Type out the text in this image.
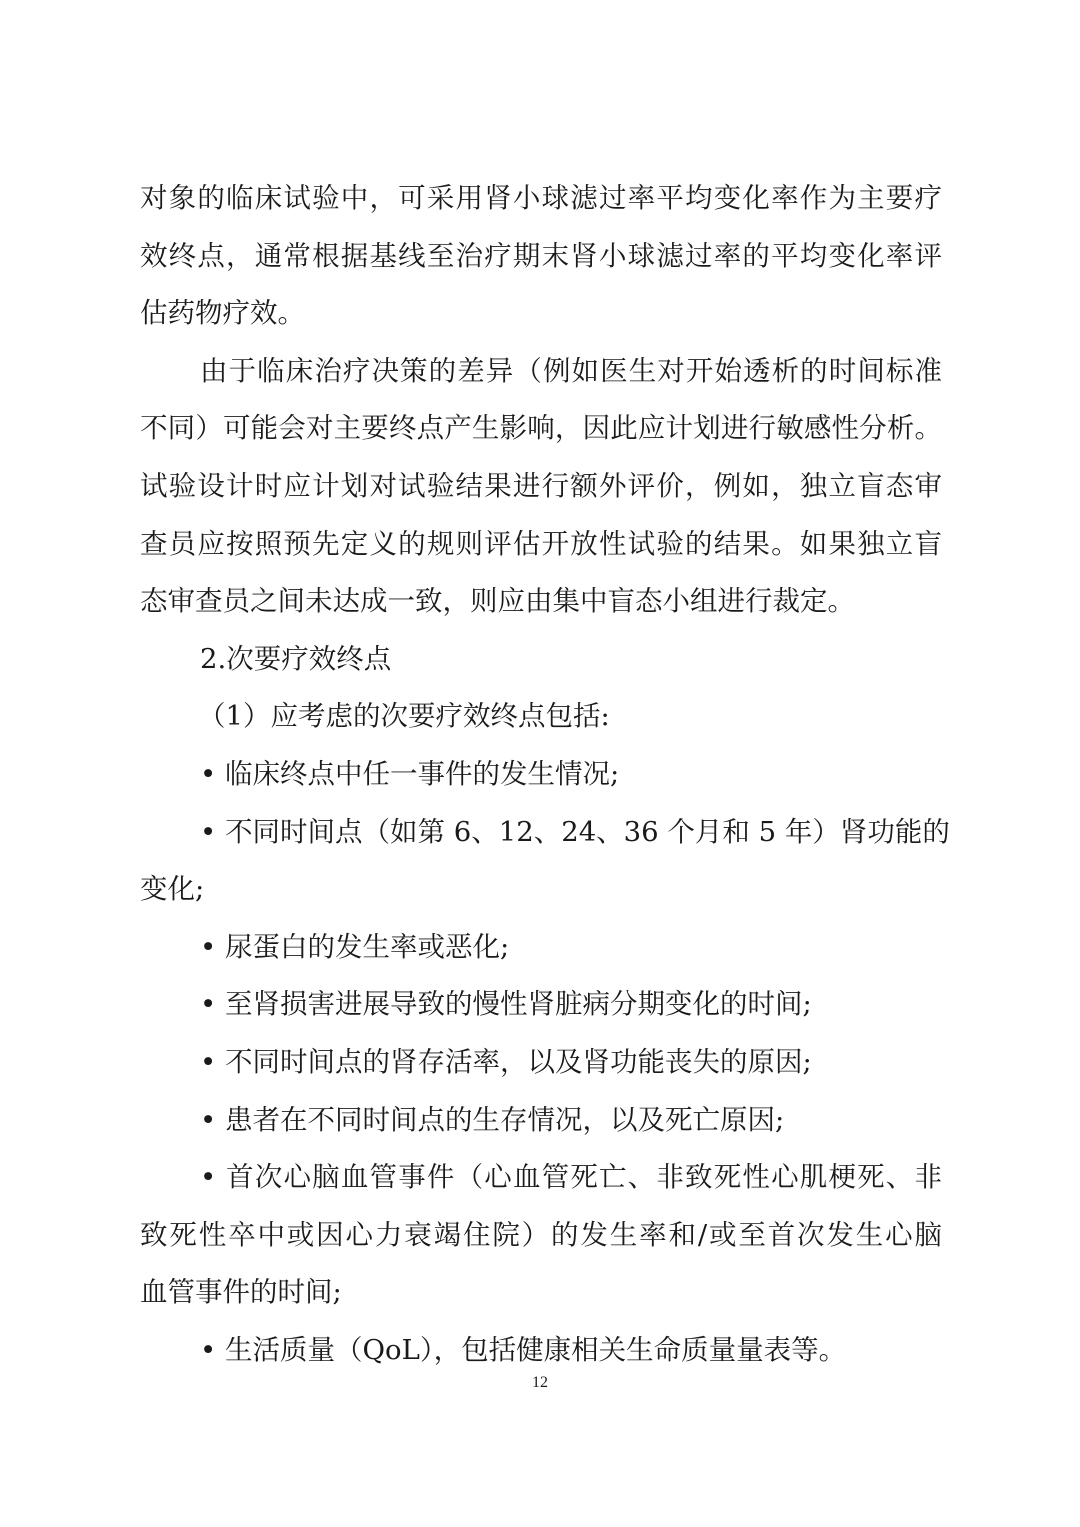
对象的临床试验中，可采用肾小球滤过率平均变化率作为主要疗
效终点，通常根据基线至治疗期末肾小球滤过率的平均变化率评
估药物疗效。
由于临床治疗决策的差异（例如医生对开始透析的时间标准
不同）可能会对主要终点产生影响，因此应计划进行敏感性分析。
试验设计时应计划对试验结果进行额外评价，例如，独立盲态审
查员应按照预先定义的规则评估开放性试验的结果。如果独立盲
态审查员之间未达成一致，则应由集中盲态小组进行裁定。
2.次要疗效终点
（1）应考虑的次要疗效终点包括:
• 临床终点中任一事件的发生情况;
• 不同时间点（如第 6、12、24、36 个月和 5 年）肾功能的
变化;
• 尿蛋白的发生率或恶化;
• 至肾损害进展导致的慢性肾脏病分期变化的时间;
• 不同时间点的肾存活率，以及肾功能丧失的原因;
• 患者在不同时间点的生存情况，以及死亡原因;
• 首次心脑血管事件（心血管死亡、非致死性心肌梗死、非
致死性卒中或因心力衰竭住院）的发生率和/或至首次发生心脑
血管事件的时间;
• 生活质量（QoL），包括健康相关生命质量量表等。
12
